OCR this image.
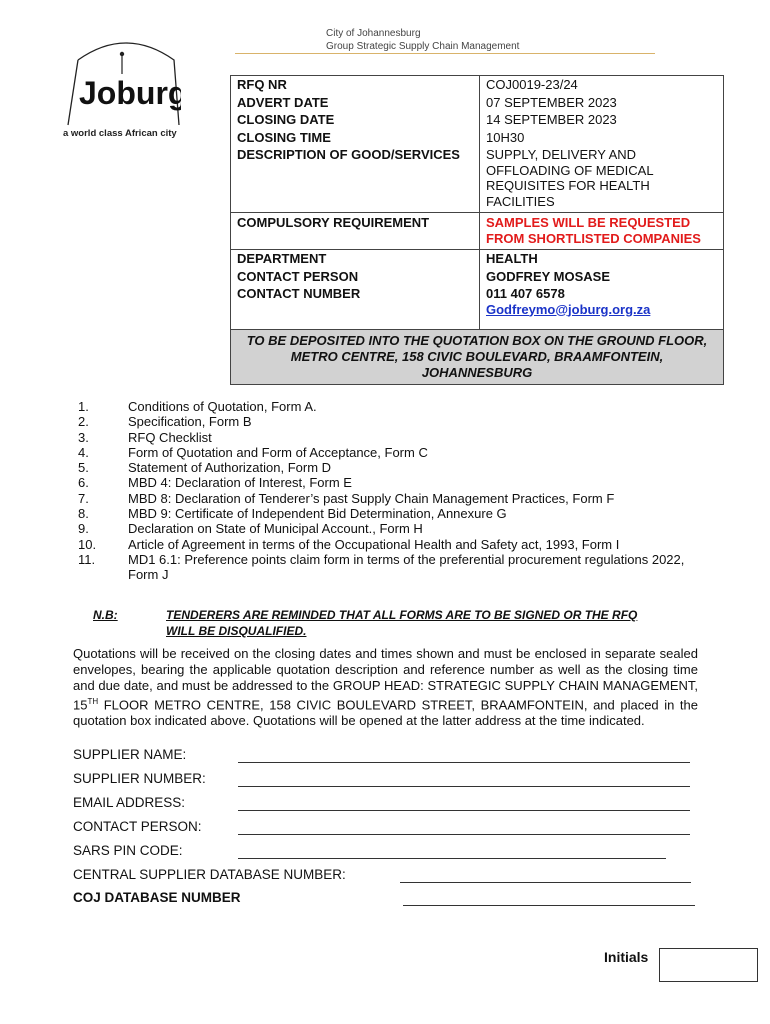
City of Johannesburg
Group Strategic Supply Chain Management
Joburg
a world class African city
RFQ NR	COJ0019-23/24
ADVERT DATE	07 SEPTEMBER 2023
CLOSING DATE	14 SEPTEMBER 2023
CLOSING TIME	10H30
DESCRIPTION OF GOOD/SERVICES	SUPPLY, DELIVERY AND OFFLOADING OF MEDICAL REQUISITES FOR HEALTH FACILITIES
COMPULSORY REQUIREMENT	SAMPLES WILL BE REQUESTED FROM SHORTLISTED COMPANIES
DEPARTMENT	HEALTH
CONTACT PERSON	GODFREY MOSASE
CONTACT NUMBER	011 407 6578
Godfreymo@joburg.org.za

TO BE DEPOSITED INTO THE QUOTATION BOX ON THE GROUND FLOOR, METRO CENTRE, 158 CIVIC BOULEVARD, BRAAMFONTEIN, JOHANNESBURG	
1.	Conditions of Quotation, Form A.
2.	Specification, Form B
3.	RFQ Checklist
4.	Form of Quotation and Form of Acceptance, Form C
5.	Statement of Authorization, Form D
6.	MBD 4: Declaration of Interest, Form E
7.	MBD 8: Declaration of Tenderer’s past Supply Chain Management Practices, Form F
8.	MBD 9: Certificate of Independent Bid Determination, Annexure G
9.	Declaration on State of Municipal Account., Form H
10.	Article of Agreement in terms of the Occupational Health and Safety act, 1993, Form I
11.	MD1 6.1: Preference points claim form in terms of the preferential procurement regulations 2022, Form J
N.B:	TENDERERS ARE REMINDED THAT ALL FORMS ARE TO BE SIGNED OR THE RFQ WILL BE DISQUALIFIED.
Quotations will be received on the closing dates and times shown and must be enclosed in separate sealed envelopes, bearing the applicable quotation description and reference number as well as the closing time and due date, and must be addressed to the GROUP HEAD: STRATEGIC SUPPLY CHAIN MANAGEMENT, 15TH FLOOR METRO CENTRE, 158 CIVIC BOULEVARD STREET, BRAAMFONTEIN, and placed in the quotation box indicated above. Quotations will be opened at the latter address at the time indicated.
SUPPLIER NAME:
SUPPLIER NUMBER:
EMAIL ADDRESS:
CONTACT PERSON:
SARS PIN CODE:
CENTRAL SUPPLIER DATABASE NUMBER:
COJ DATABASE NUMBER
Initials
